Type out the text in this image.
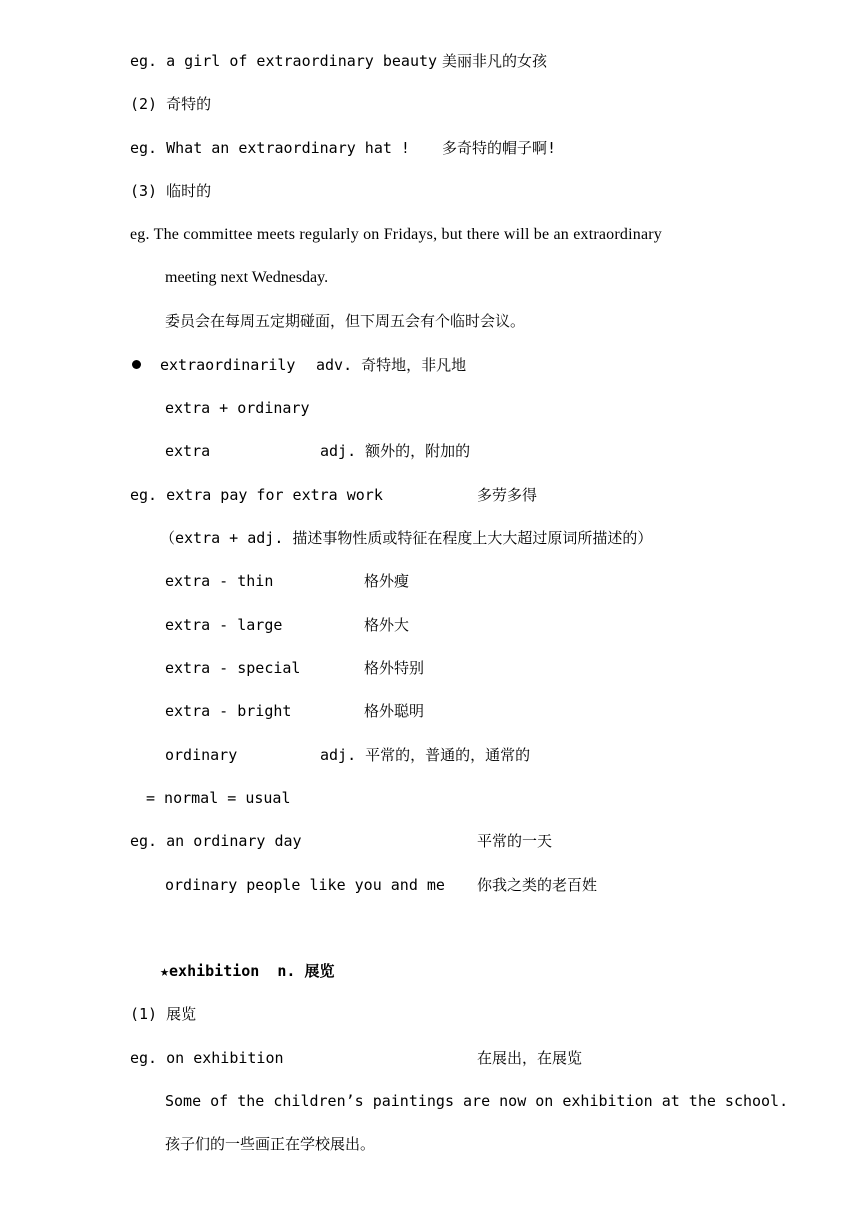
eg. a girl of extraordinary beauty 美丽非凡的女孩
(2) 奇特的
eg. What an extraordinary hat ! 多奇特的帽子啊!
(3) 临时的
eg. The committee meets regularly on Fridays, but there will be an extraordinary
meeting next Wednesday.
委员会在每周五定期碰面，但下周五会有个临时会议。
extraordinarily adv. 奇特地，非凡地
extra + ordinary
extra	adj. 额外的，附加的
eg. extra pay for extra work	多劳多得
（extra + adj. 描述事物性质或特征在程度上大大超过原词所描述的）
extra - thin	格外瘦
extra - large	格外大
extra - special	格外特别
extra - bright	格外聪明
ordinary	adj. 平常的，普通的，通常的
= normal = usual
eg. an ordinary day	平常的一天
ordinary people like you and me 你我之类的老百姓
★exhibition  n. 展览
(1) 展览
eg. on exhibition	在展出，在展览
Some of the children’s paintings are now on exhibition at the school.
孩子们的一些画正在学校展出。
